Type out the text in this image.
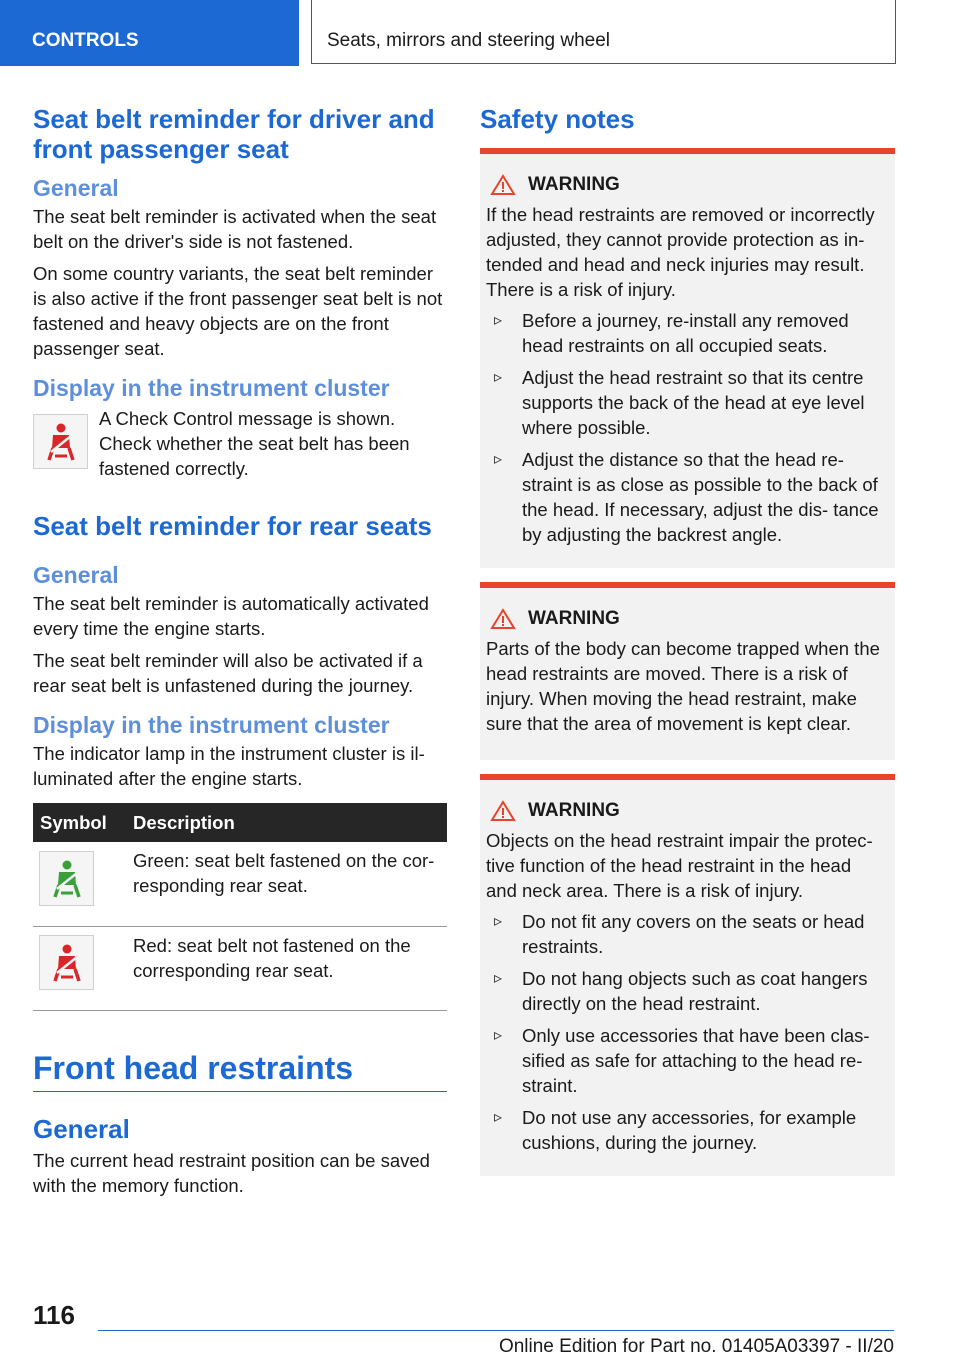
CONTROLS	Seats, mirrors and steering wheel
Seat belt reminder for driver and front passenger seat
General

The seat belt reminder is activated when the seat belt on the driver's side is not fastened.

On some country variants, the seat belt reminder is also active if the front passenger seat belt is not fastened and heavy objects are on the front passenger seat.

Display in the instrument cluster

A Check Control message is shown. Check whether the seat belt has been fastened correctly.

Seat belt reminder for rear seats
General

The seat belt reminder is automatically activated every time the engine starts.

The seat belt reminder will also be activated if a rear seat belt is unfastened during the journey.

Display in the instrument cluster

The indicator lamp in the instrument cluster is il‐ luminated after the engine starts.

Symbol	Description

	Green: seat belt fastened on the cor‐ responding rear seat.

	Red: seat belt not fastened on the corresponding rear seat.
Front head restraints
General

The current head restraint position can be saved with the memory function.

Safety notes
WARNING

If the head restraints are removed or incorrectly adjusted, they cannot provide protection as in‐ tended and head and neck injuries may result. There is a risk of injury.

▹ Before a journey, re-install any removed head restraints on all occupied seats.
▹ Adjust the head restraint so that its centre supports the back of the head at eye level where possible.
▹ Adjust the distance so that the head re‐ straint is as close as possible to the back of the head. If necessary, adjust the dis‐ tance by adjusting the backrest angle.
WARNING

Parts of the body can become trapped when the head restraints are moved. There is a risk of injury. When moving the head restraint, make sure that the area of movement is kept clear.

WARNING

Objects on the head restraint impair the protec‐ tive function of the head restraint in the head and neck area. There is a risk of injury.

▹ Do not fit any covers on the seats or head restraints.
▹ Do not hang objects such as coat hangers directly on the head restraint.
▹ Only use accessories that have been clas‐ sified as safe for attaching to the head re‐ straint.
▹ Do not use any accessories, for example cushions, during the journey.
116
Online Edition for Part no. 01405A03397 - II/20
